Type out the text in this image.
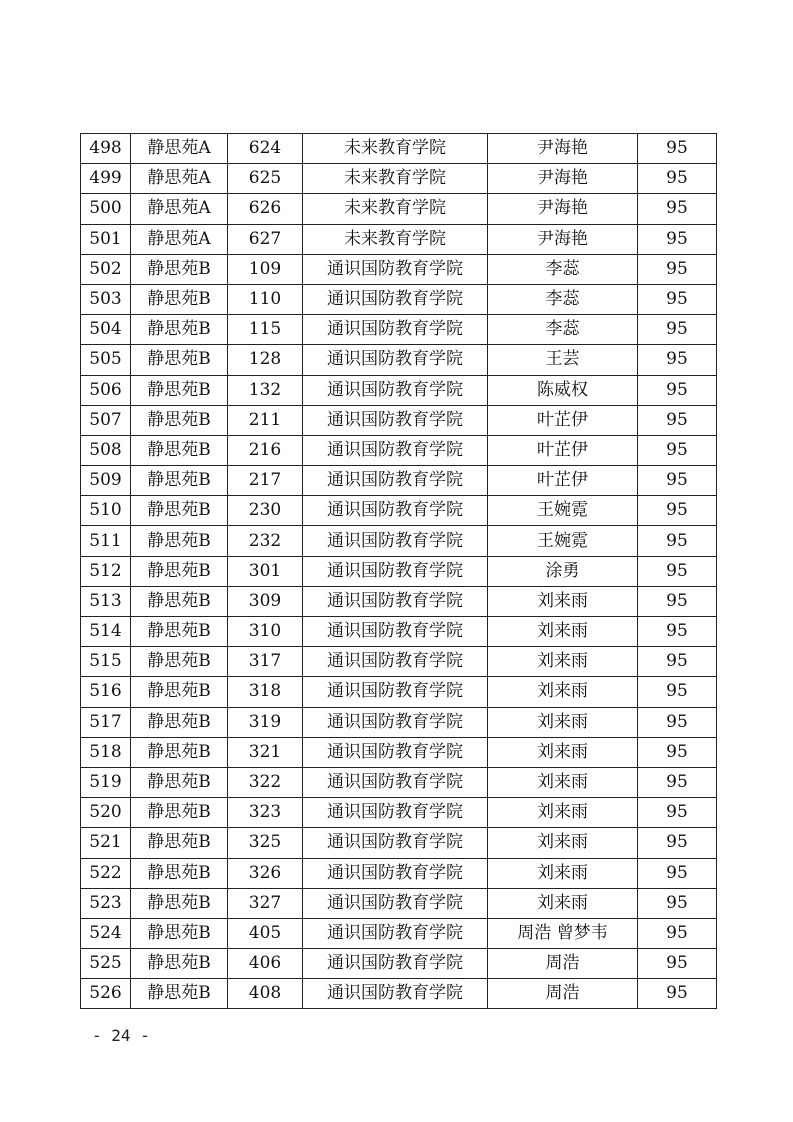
498	静思苑A	624	未来教育学院	尹海艳	95
499	静思苑A	625	未来教育学院	尹海艳	95
500	静思苑A	626	未来教育学院	尹海艳	95
501	静思苑A	627	未来教育学院	尹海艳	95
502	静思苑B	109	通识国防教育学院	李蕊	95
503	静思苑B	110	通识国防教育学院	李蕊	95
504	静思苑B	115	通识国防教育学院	李蕊	95
505	静思苑B	128	通识国防教育学院	王芸	95
506	静思苑B	132	通识国防教育学院	陈威权	95
507	静思苑B	211	通识国防教育学院	叶芷伊	95
508	静思苑B	216	通识国防教育学院	叶芷伊	95
509	静思苑B	217	通识国防教育学院	叶芷伊	95
510	静思苑B	230	通识国防教育学院	王婉霓	95
511	静思苑B	232	通识国防教育学院	王婉霓	95
512	静思苑B	301	通识国防教育学院	涂勇	95
513	静思苑B	309	通识国防教育学院	刘来雨	95
514	静思苑B	310	通识国防教育学院	刘来雨	95
515	静思苑B	317	通识国防教育学院	刘来雨	95
516	静思苑B	318	通识国防教育学院	刘来雨	95
517	静思苑B	319	通识国防教育学院	刘来雨	95
518	静思苑B	321	通识国防教育学院	刘来雨	95
519	静思苑B	322	通识国防教育学院	刘来雨	95
520	静思苑B	323	通识国防教育学院	刘来雨	95
521	静思苑B	325	通识国防教育学院	刘来雨	95
522	静思苑B	326	通识国防教育学院	刘来雨	95
523	静思苑B	327	通识国防教育学院	刘来雨	95
524	静思苑B	405	通识国防教育学院	周浩 曾梦韦	95
525	静思苑B	406	通识国防教育学院	周浩	95
526	静思苑B	408	通识国防教育学院	周浩	95
- 24 -
